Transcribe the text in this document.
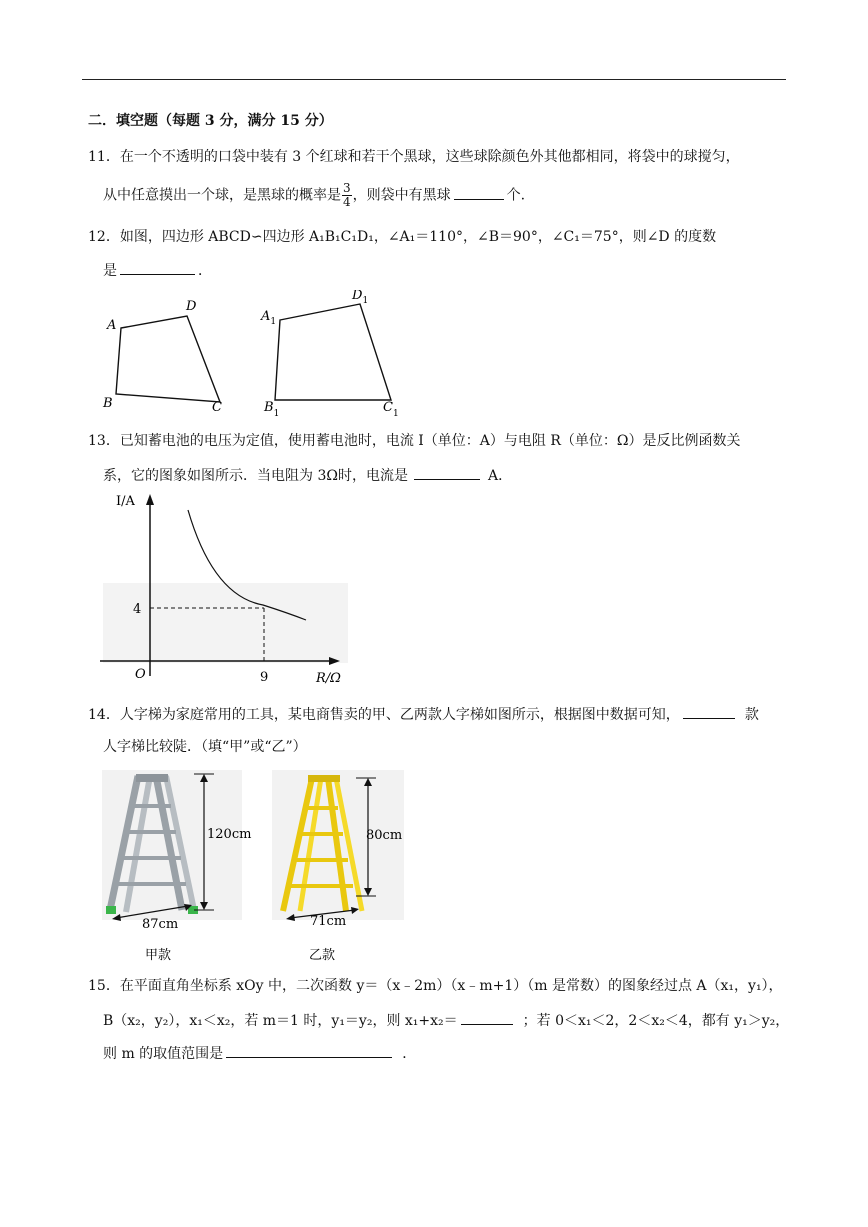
二．填空题（每题 3 分，满分 15 分）
11．在一个不透明的口袋中装有 3 个红球和若干个黑球，这些球除颜色外其他都相同，将袋中的球搅匀，
从中任意摸出一个球，是黑球的概率是 $\frac{3}{4}$ ，则袋中有黑球	个.
12．如图，四边形 ABCD∽四边形 A₁B₁C₁D₁，∠A₁＝110°，∠B＝90°，∠C₁＝75°，则∠D 的度数
是	．
A
D
B	C
$A_1$
$D_1$
$B_1$	$C_1$
13．已知蓄电池的电压为定值，使用蓄电池时，电流 I（单位：A）与电阻 R（单位：Ω）是反比例函数关
系，它的图象如图所示．当电阻为 3Ω时，电流是	A．
I/A
R/Ω
O
4
9
14．人字梯为家庭常用的工具，某电商售卖的甲、乙两款人字梯如图所示，根据图中数据可知，	款
人字梯比较陡．（填“甲”或“乙”）
120cm
87cm
甲款
80cm
71cm
乙款
15．在平面直角坐标系 xOy 中，二次函数 y＝（x﹣2m）（x﹣m+1）（m 是常数）的图象经过点 A（x₁，y₁），
B（x₂，y₂），x₁＜x₂，若 m＝1 时，y₁＝y₂，则 x₁+x₂＝	；若 0＜x₁＜2，2＜x₂＜4，都有 y₁＞y₂，
则 m 的取值范围是	．
